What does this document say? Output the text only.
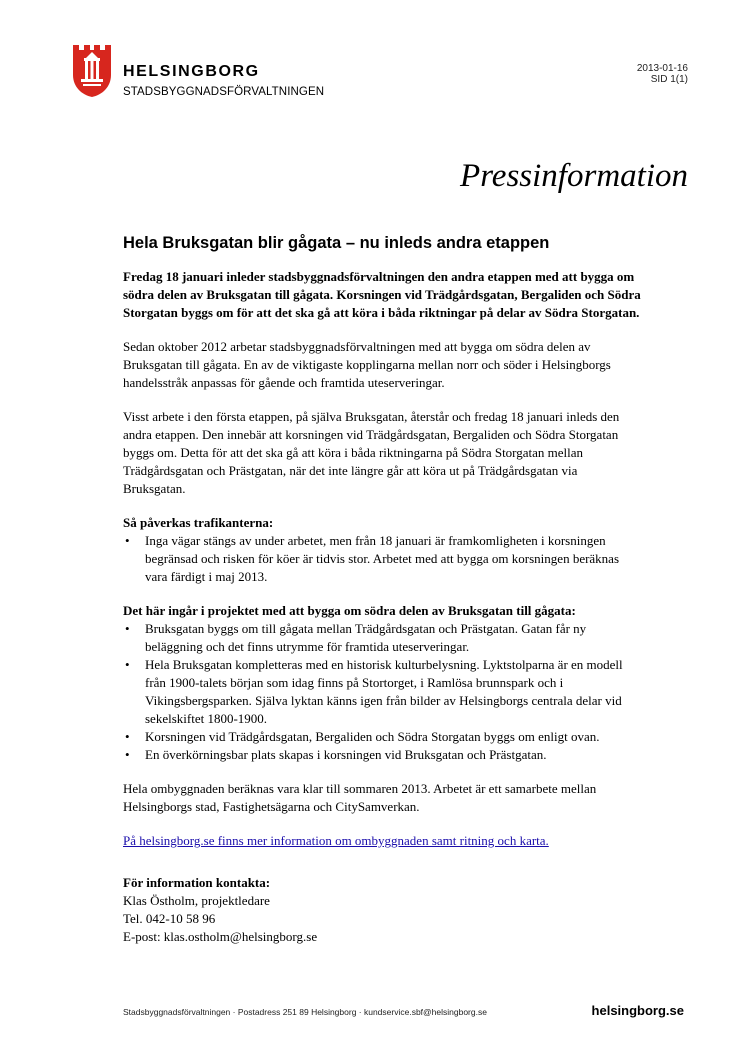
HELSINGBORG
STADSBYGGNADSFÖRVALTNINGEN
2013-01-16
SID 1(1)
Pressinformation
Hela Bruksgatan blir gågata – nu inleds andra etappen

Fredag 18 januari inleder stadsbyggnadsförvaltningen den andra etappen med att bygga om södra delen av Bruksgatan till gågata. Korsningen vid Trädgårdsgatan, Bergaliden och Södra Storgatan byggs om för att det ska gå att köra i båda riktningar på delar av Södra Storgatan.

Sedan oktober 2012 arbetar stadsbyggnadsförvaltningen med att bygga om södra delen av Bruksgatan till gågata. En av de viktigaste kopplingarna mellan norr och söder i Helsingborgs handelsstråk anpassas för gående och framtida uteserveringar.

Visst arbete i den första etappen, på själva Bruksgatan, återstår och fredag 18 januari inleds den andra etappen. Den innebär att korsningen vid Trädgårdsgatan, Bergaliden och Södra Storgatan byggs om. Detta för att det ska gå att köra i båda riktningarna på Södra Storgatan mellan Trädgårdsgatan och Prästgatan, när det inte längre går att köra ut på Trädgårdsgatan via Bruksgatan.

Så påverkas trafikanterna:
• Inga vägar stängs av under arbetet, men från 18 januari är framkomligheten i korsningen begränsad och risken för köer är tidvis stor. Arbetet med att bygga om korsningen beräknas vara färdigt i maj 2013.
Det här ingår i projektet med att bygga om södra delen av Bruksgatan till gågata:
• Bruksgatan byggs om till gågata mellan Trädgårdsgatan och Prästgatan. Gatan får ny beläggning och det finns utrymme för framtida uteserveringar.
• Hela Bruksgatan kompletteras med en historisk kulturbelysning. Lyktstolparna är en modell från 1900-talets början som idag finns på Stortorget, i Ramlösa brunnspark och i Vikingsbergsparken. Själva lyktan känns igen från bilder av Helsingborgs centrala delar vid sekelskiftet 1800-1900.
• Korsningen vid Trädgårdsgatan, Bergaliden och Södra Storgatan byggs om enligt ovan.
• En överkörningsbar plats skapas i korsningen vid Bruksgatan och Prästgatan.

Hela ombyggnaden beräknas vara klar till sommaren 2013. Arbetet är ett samarbete mellan Helsingborgs stad, Fastighetsägarna och CitySamverkan.

På helsingborg.se finns mer information om ombyggnaden samt ritning och karta.

För information kontakta:

Klas Östholm, projektledare

Tel. 042-10 58 96

E-post: klas.ostholm@helsingborg.se

Stadsbyggnadsförvaltningen · Postadress 251 89 Helsingborg · kundservice.sbf@helsingborg.se	helsingborg.se
